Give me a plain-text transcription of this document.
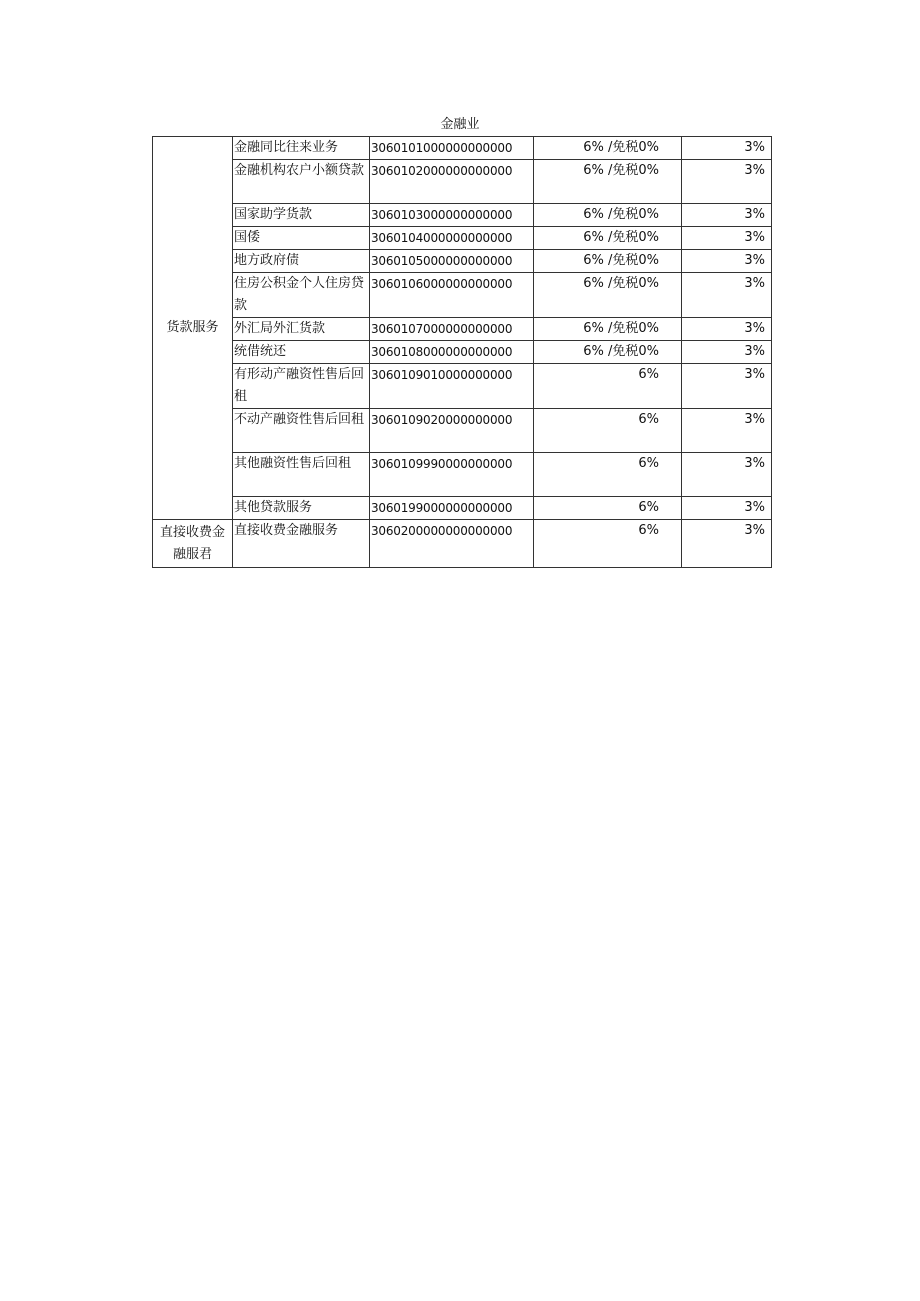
金融业
货款服务	金融同比往来业务	3060101000000000000	6% /免税0%	3%
	金融机构农户小额贷款	3060102000000000000	6% /免税0%	3%
	国家助学货款	3060103000000000000	6% /免税0%	3%
	国倭	3060104000000000000	6% /免税0%	3%
	地方政府债	3060105000000000000	6% /免税0%	3%
	住房公积金个人住房贷款	3060106000000000000	6% /免税0%	3%
	外汇局外汇货款	3060107000000000000	6% /免税0%	3%
	统借统还	3060108000000000000	6% /免税0%	3%
	有形动产融资性售后回租	3060109010000000000	6%	3%
	不动产融资性售后回租	3060109020000000000	6%	3%
	其他融资性售后回租	3060109990000000000	6%	3%
	其他贷款服务	3060199000000000000	6%	3%
直接收费金融服君	直接收费金融服务	3060200000000000000	6%	3%
